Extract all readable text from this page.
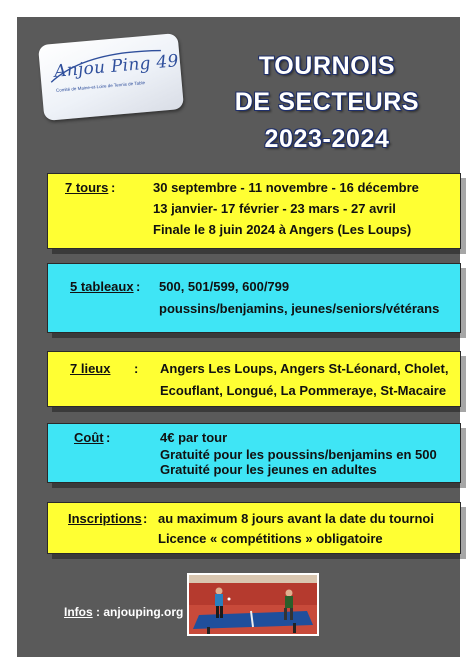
Anjou Ping 49
Comité de Maine-et-Loire de Tennis de Table
TOURNOIS
DE SECTEURS
2023-2024
7 tours :	30 septembre - 11 novembre - 16 décembre
13 janvier- 17 février - 23 mars - 27 avril
Finale le 8 juin 2024 à Angers (Les Loups)
5 tableaux : 500, 501/599, 600/799
poussins/benjamins, jeunes/seniors/vétérans
7 lieux : Angers Les Loups, Angers St-Léonard, Cholet,
Ecouflant, Longué, La Pommeraye, St-Macaire
Coût :	4€ par tour
Gratuité pour les poussins/benjamins en 500
Gratuité pour les jeunes en adultes
Inscriptions : au maximum 8 jours avant la date du tournoi
Licence « compétitions » obligatoire
Infos : anjouping.org
